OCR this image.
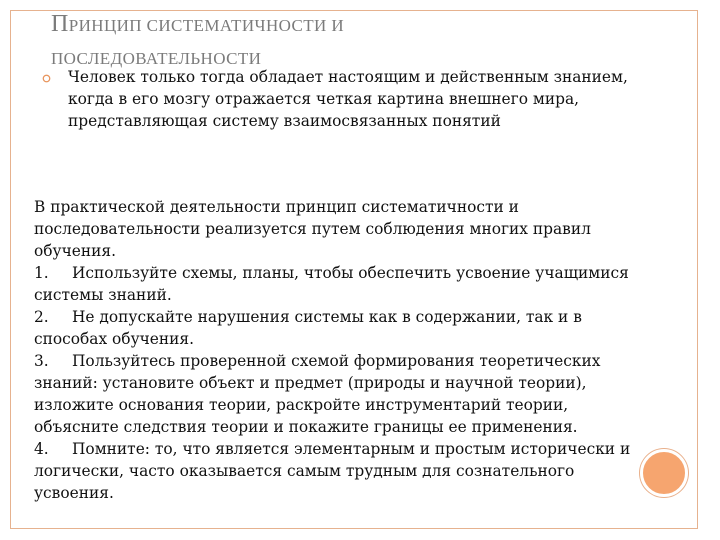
ПРИНЦИП СИСТЕМАТИЧНОСТИ И
ПОСЛЕДОВАТЕЛЬНОСТИ
Человек только тогда обладает настоящим и действенным знанием, когда в его мозгу отражается четкая картина внешнего мира, представляющая систему взаимосвязанных понятий

В практической деятельности принцип систематичности и последовательности реализуется путем соблюдения многих правил обучения.

1. Используйте схемы, планы, чтобы обеспечить усвоение учащимися системы знаний.

2. Не допускайте нарушения системы как в содержании, так и в способах обучения.

3. Пользуйтесь проверенной схемой формирования теоретических знаний: установите объект и предмет (природы и научной теории), изложите основания теории, раскройте инструментарий теории, объясните следствия теории и покажите границы ее применения.

4. Помните: то, что является элементарным и простым исторически и логически, часто оказывается самым трудным для сознательного усвоения.
